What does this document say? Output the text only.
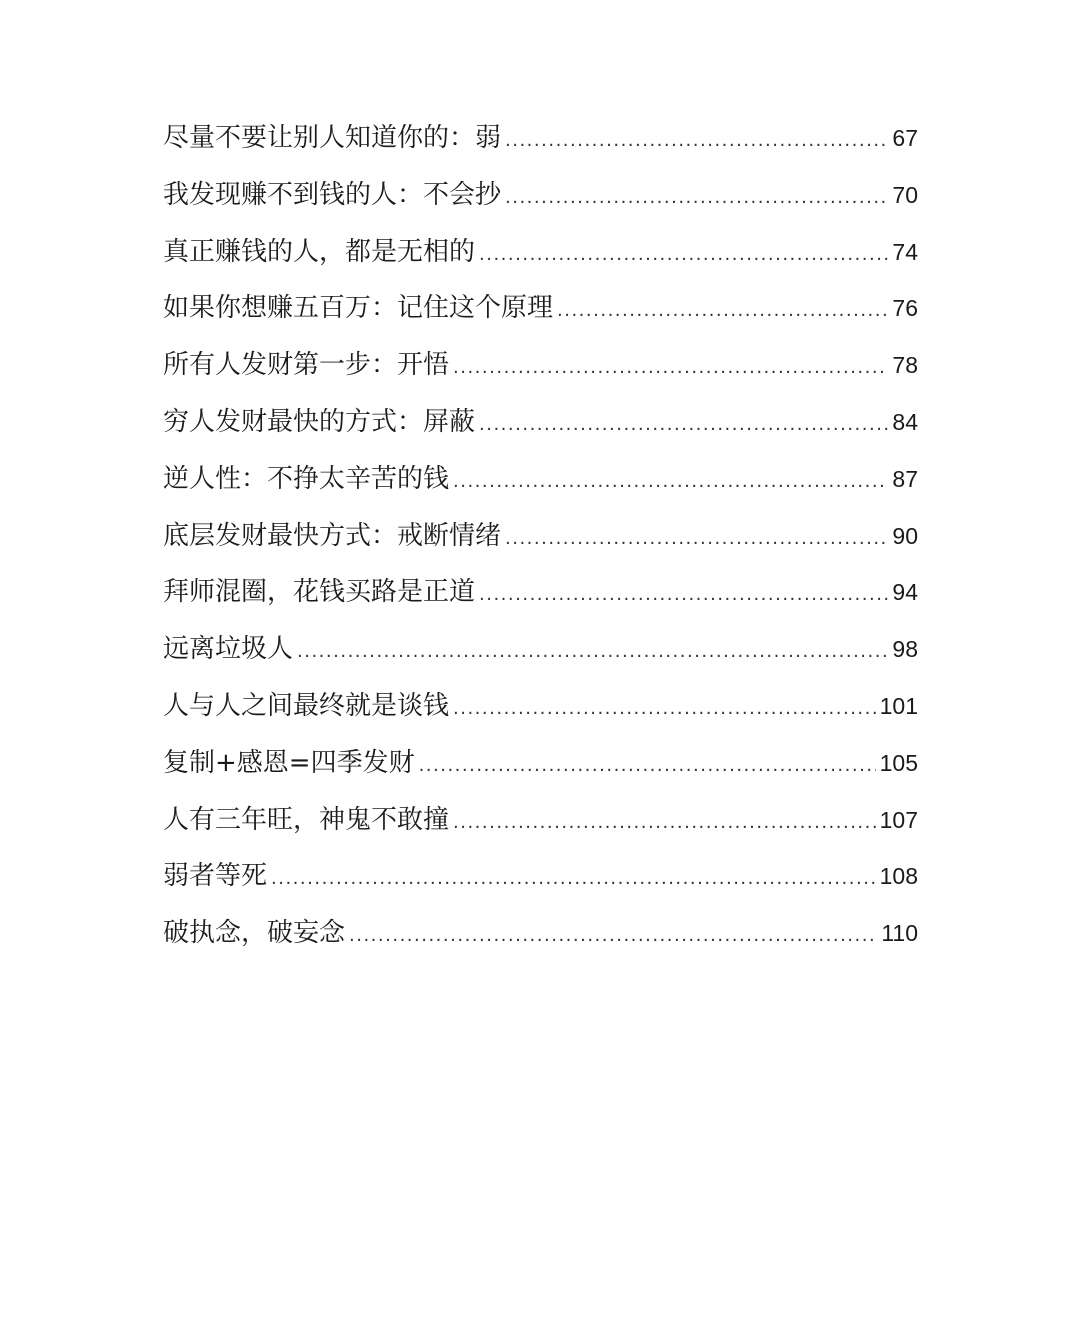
尽量不要让别人知道你的：弱 .....	67
我发现赚不到钱的人：不会抄 .....	70
真正赚钱的人，都是无相的 .....	74
如果你想赚五百万：记住这个原理 .....	76
所有人发财第一步：开悟 .....	78
穷人发财最快的方式：屏蔽 .....	84
逆人性：不挣太辛苦的钱 .....	87
底层发财最快方式：戒断情绪 .....	90
拜师混圈，花钱买路是正道 .....	94
远离垃圾人 .....	98
人与人之间最终就是谈钱 .....	101
复制+感恩=四季发财 .....	105
人有三年旺，神鬼不敢撞 .....	107
弱者等死 .....	108
破执念，破妄念 .....	110
